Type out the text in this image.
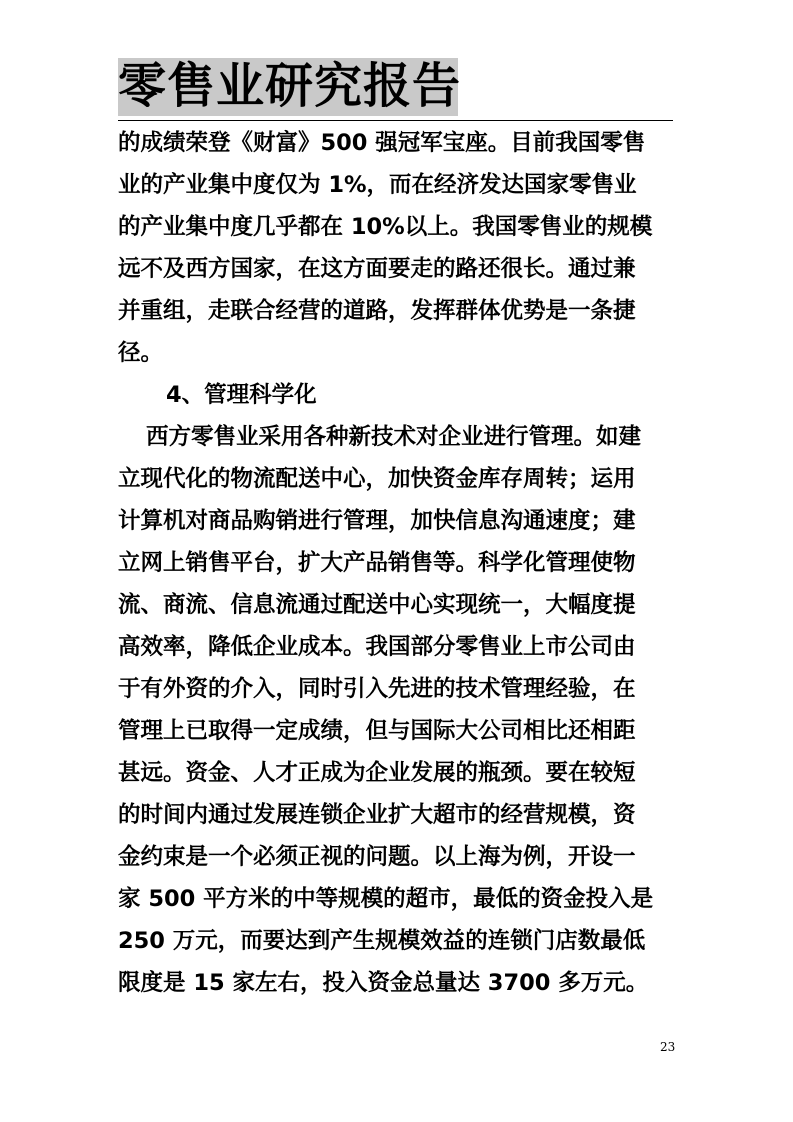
零售业研究报告
的成绩荣登《财富》500 强冠军宝座。目前我国零售
业的产业集中度仅为 1%，而在经济发达国家零售业
的产业集中度几乎都在 10%以上。我国零售业的规模
远不及西方国家，在这方面要走的路还很长。通过兼
并重组，走联合经营的道路，发挥群体优势是一条捷
径。
4、管理科学化
西方零售业采用各种新技术对企业进行管理。如建
立现代化的物流配送中心，加快资金库存周转；运用
计算机对商品购销进行管理，加快信息沟通速度；建
立网上销售平台，扩大产品销售等。科学化管理使物
流、商流、信息流通过配送中心实现统一，大幅度提
高效率，降低企业成本。我国部分零售业上市公司由
于有外资的介入，同时引入先进的技术管理经验，在
管理上已取得一定成绩，但与国际大公司相比还相距
甚远。资金、人才正成为企业发展的瓶颈。要在较短
的时间内通过发展连锁企业扩大超市的经营规模，资
金约束是一个必须正视的问题。以上海为例，开设一
家 500 平方米的中等规模的超市，最低的资金投入是
250 万元，而要达到产生规模效益的连锁门店数最低
限度是 15 家左右，投入资金总量达 3700 多万元。
23
